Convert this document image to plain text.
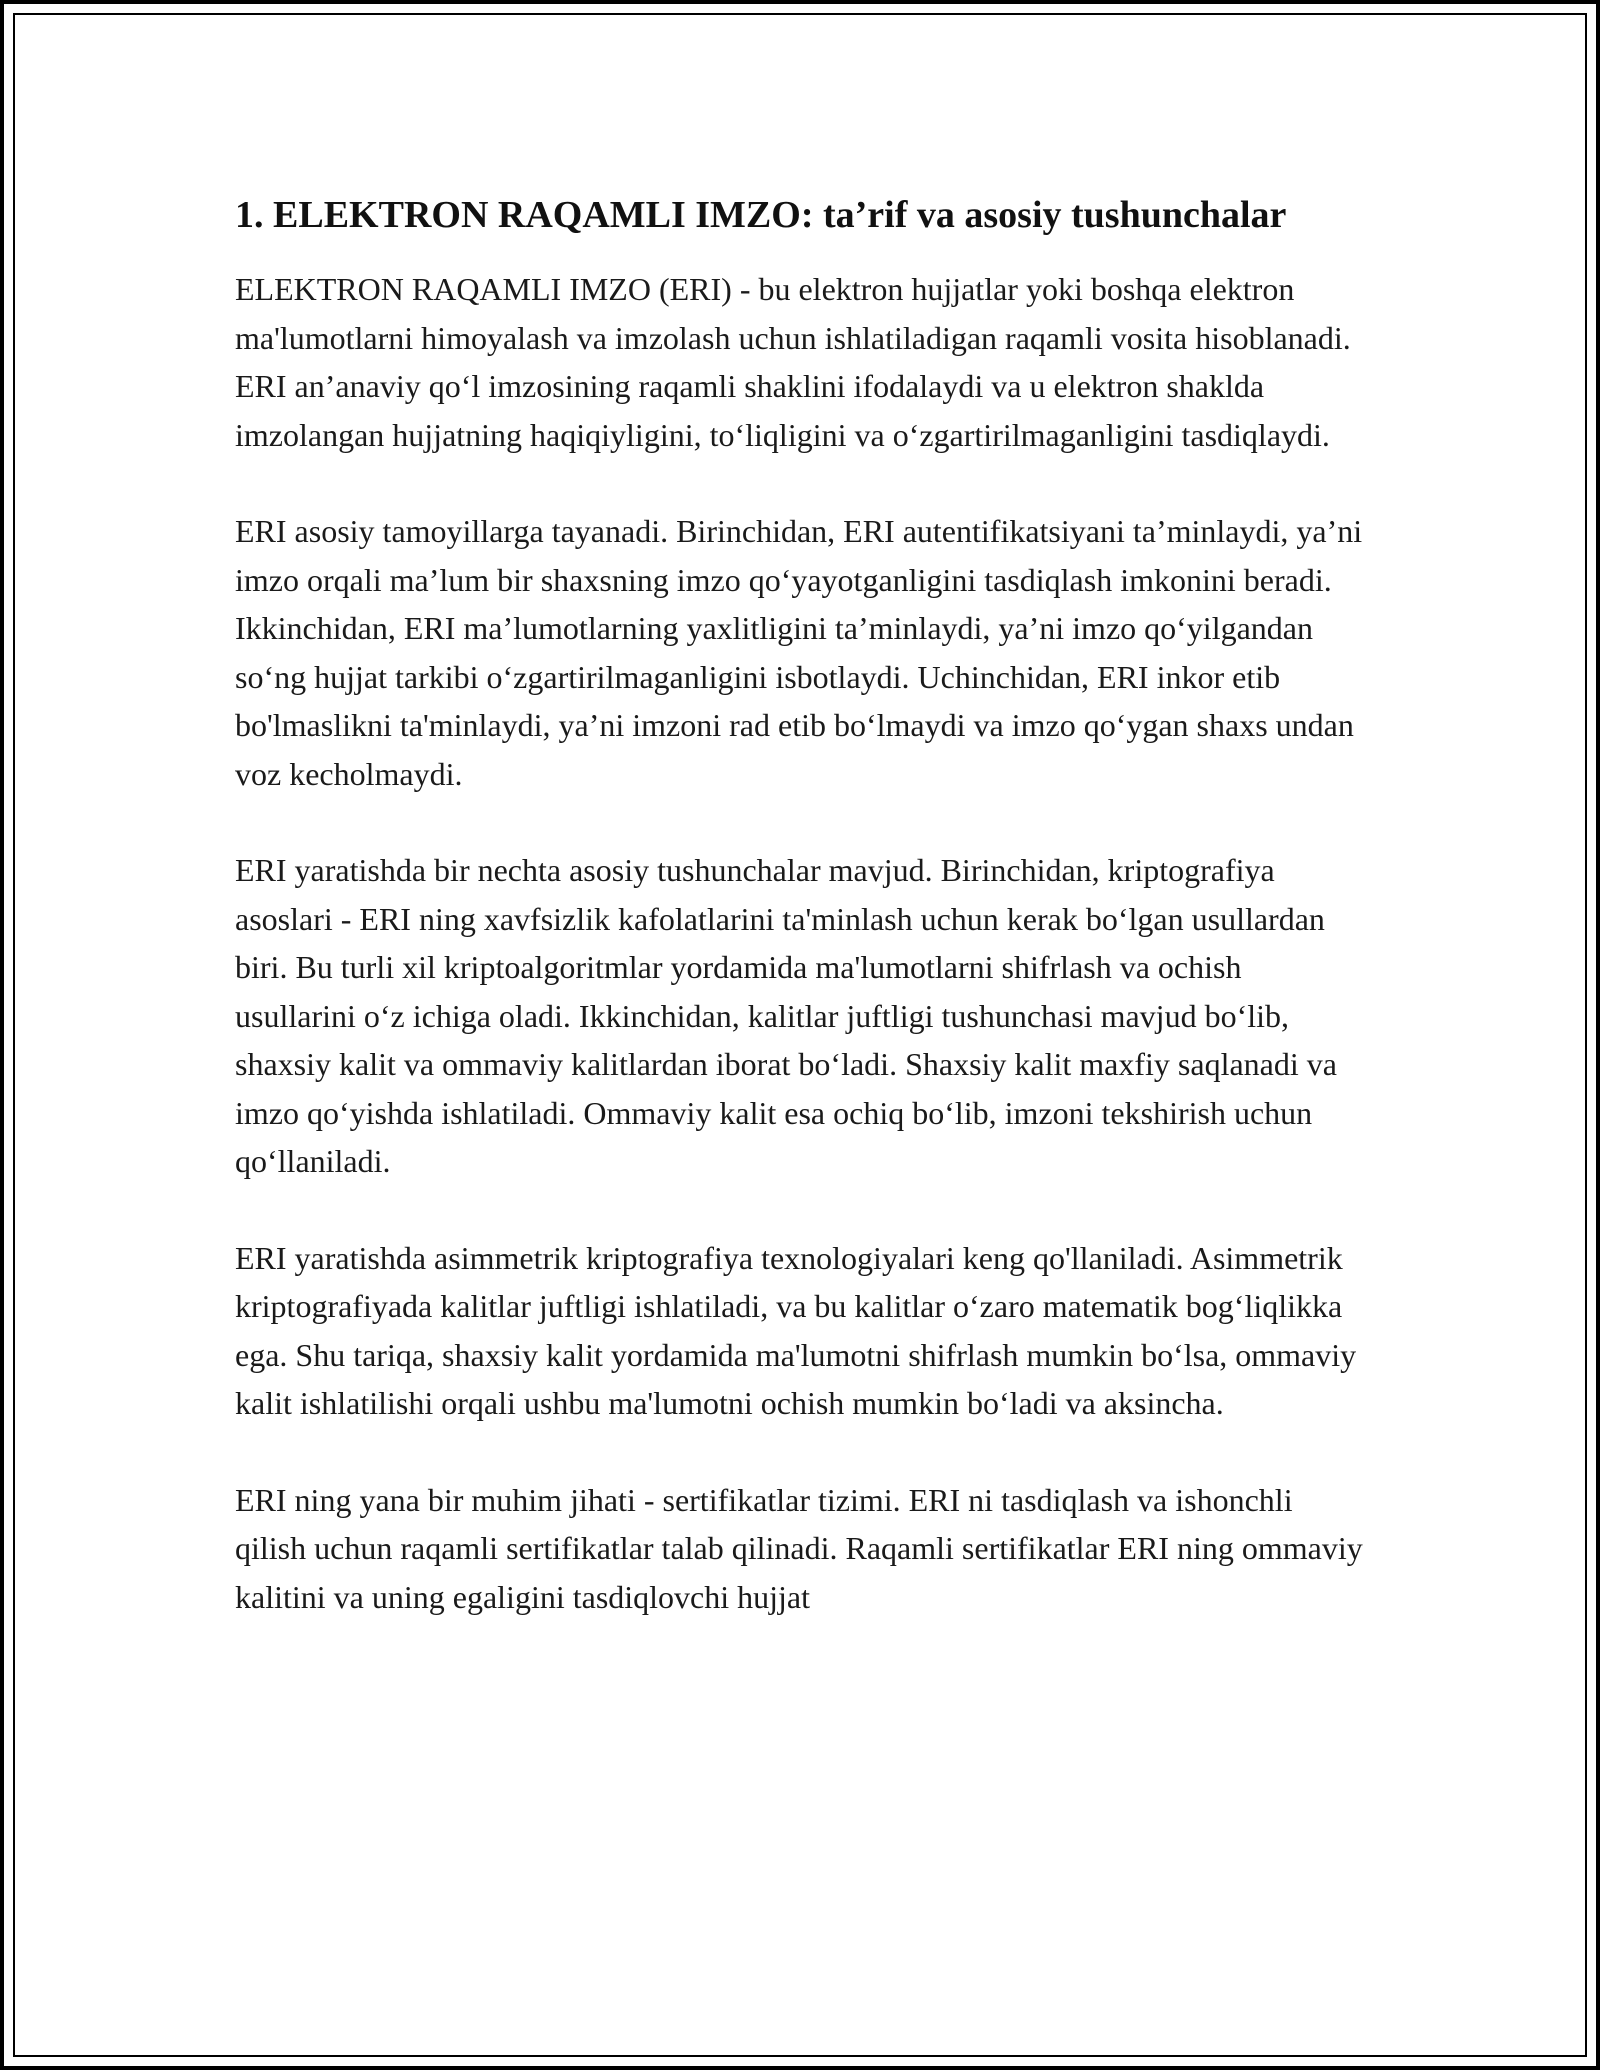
1. ELEKTRON RAQAMLI IMZO: ta’rif va asosiy tushunchalar

ELEKTRON RAQAMLI IMZO (ERI) - bu elektron hujjatlar yoki boshqa elektron ma'lumotlarni himoyalash va imzolash uchun ishlatiladigan raqamli vosita hisoblanadi. ERI an’anaviy qo‘l imzosining raqamli shaklini ifodalaydi va u elektron shaklda imzolangan hujjatning haqiqiyligini, to‘liqligini va o‘zgartirilmaganligini tasdiqlaydi.

ERI asosiy tamoyillarga tayanadi. Birinchidan, ERI autentifikatsiyani ta’minlaydi, ya’ni imzo orqali ma’lum bir shaxsning imzo qo‘yayotganligini tasdiqlash imkonini beradi. Ikkinchidan, ERI ma’lumotlarning yaxlitligini ta’minlaydi, ya’ni imzo qo‘yilgandan so‘ng hujjat tarkibi o‘zgartirilmaganligini isbotlaydi. Uchinchidan, ERI inkor etib bo'lmaslikni ta'minlaydi, ya’ni imzoni rad etib bo‘lmaydi va imzo qo‘ygan shaxs undan voz kecholmaydi.

ERI yaratishda bir nechta asosiy tushunchalar mavjud. Birinchidan, kriptografiya asoslari - ERI ning xavfsizlik kafolatlarini ta'minlash uchun kerak bo‘lgan usullardan biri. Bu turli xil kriptoalgoritmlar yordamida ma'lumotlarni shifrlash va ochish usullarini o‘z ichiga oladi. Ikkinchidan, kalitlar juftligi tushunchasi mavjud bo‘lib, shaxsiy kalit va ommaviy kalitlardan iborat bo‘ladi. Shaxsiy kalit maxfiy saqlanadi va imzo qo‘yishda ishlatiladi. Ommaviy kalit esa ochiq bo‘lib, imzoni tekshirish uchun qo‘llaniladi.

ERI yaratishda asimmetrik kriptografiya texnologiyalari keng qo'llaniladi. Asimmetrik kriptografiyada kalitlar juftligi ishlatiladi, va bu kalitlar o‘zaro matematik bog‘liqlikka ega. Shu tariqa, shaxsiy kalit yordamida ma'lumotni shifrlash mumkin bo‘lsa, ommaviy kalit ishlatilishi orqali ushbu ma'lumotni ochish mumkin bo‘ladi va aksincha.

ERI ning yana bir muhim jihati - sertifikatlar tizimi. ERI ni tasdiqlash va ishonchli qilish uchun raqamli sertifikatlar talab qilinadi. Raqamli sertifikatlar ERI ning ommaviy kalitini va uning egaligini tasdiqlovchi hujjat
